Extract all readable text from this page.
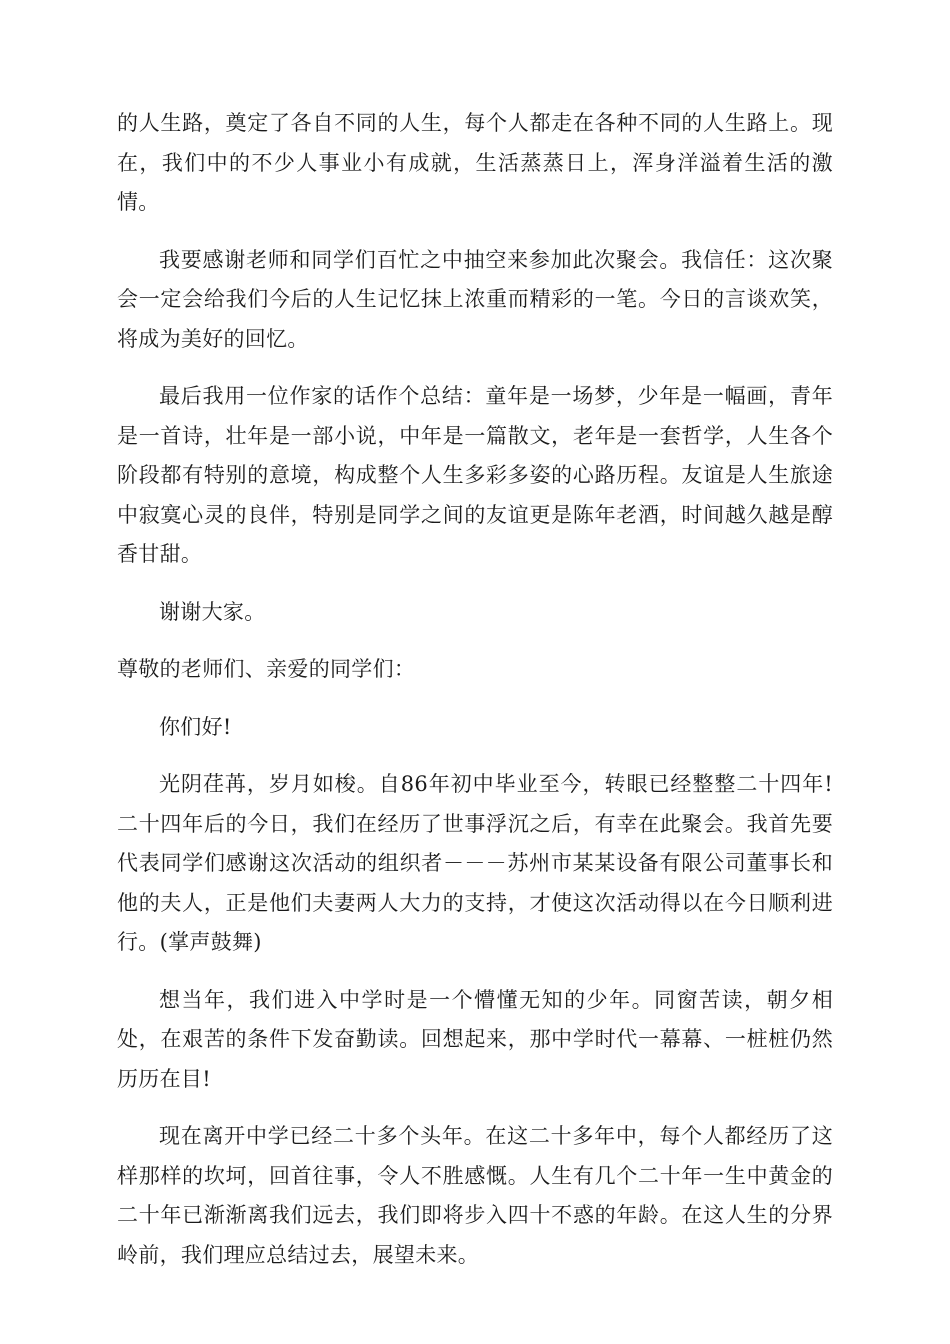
的人生路，奠定了各自不同的人生，每个人都走在各种不同的人生路上。现在，我们中的不少人事业小有成就，生活蒸蒸日上，浑身洋溢着生活的激情。

我要感谢老师和同学们百忙之中抽空来参加此次聚会。我信任：这次聚会一定会给我们今后的人生记忆抹上浓重而精彩的一笔。今日的言谈欢笑，将成为美好的回忆。

最后我用一位作家的话作个总结：童年是一场梦，少年是一幅画，青年是一首诗，壮年是一部小说，中年是一篇散文，老年是一套哲学，人生各个阶段都有特别的意境，构成整个人生多彩多姿的心路历程。友谊是人生旅途中寂寞心灵的良伴，特别是同学之间的友谊更是陈年老酒，时间越久越是醇香甘甜。

谢谢大家。

尊敬的老师们、亲爱的同学们：

你们好!

光阴荏苒，岁月如梭。自86年初中毕业至今，转眼已经整整二十四年!二十四年后的今日，我们在经历了世事浮沉之后，有幸在此聚会。我首先要代表同学们感谢这次活动的组织者－－－苏州市某某设备有限公司董事长和他的夫人，正是他们夫妻两人大力的支持，才使这次活动得以在今日顺利进行。(掌声鼓舞)

想当年，我们进入中学时是一个懵懂无知的少年。同窗苦读，朝夕相处，在艰苦的条件下发奋勤读。回想起来，那中学时代一幕幕、一桩桩仍然历历在目!

现在离开中学已经二十多个头年。在这二十多年中，每个人都经历了这样那样的坎坷，回首往事，令人不胜感慨。人生有几个二十年一生中黄金的二十年已渐渐离我们远去，我们即将步入四十不惑的年龄。在这人生的分界岭前，我们理应总结过去，展望未来。
